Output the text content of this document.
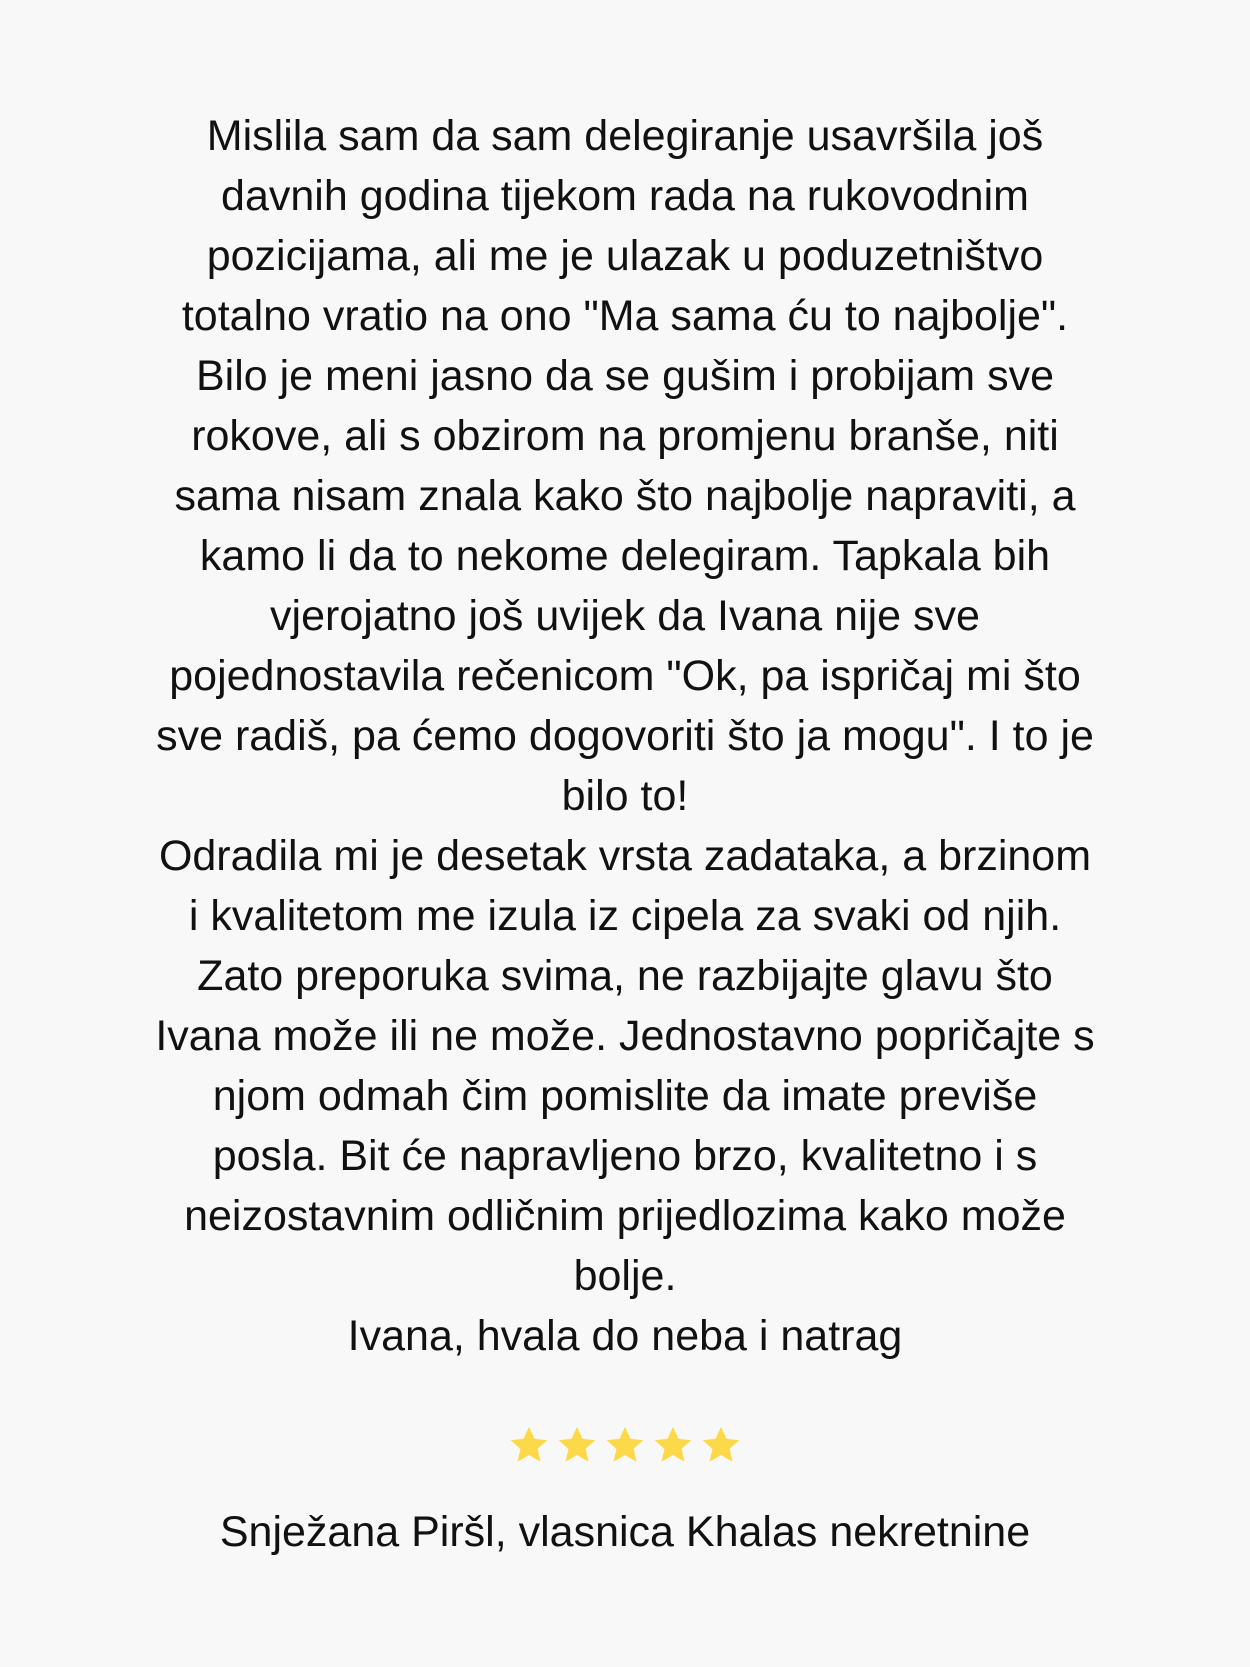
Mislila sam da sam delegiranje usavršila još
davnih godina tijekom rada na rukovodnim
pozicijama, ali me je ulazak u poduzetništvo
totalno vratio na ono "Ma sama ću to najbolje".
Bilo je meni jasno da se gušim i probijam sve
rokove, ali s obzirom na promjenu branše, niti
sama nisam znala kako što najbolje napraviti, a
kamo li da to nekome delegiram. Tapkala bih
vjerojatno još uvijek da Ivana nije sve
pojednostavila rečenicom "Ok, pa ispričaj mi što
sve radiš, pa ćemo dogovoriti što ja mogu". I to je
bilo to!
Odradila mi je desetak vrsta zadataka, a brzinom
i kvalitetom me izula iz cipela za svaki od njih.
Zato preporuka svima, ne razbijajte glavu što
Ivana može ili ne može. Jednostavno popričajte s
njom odmah čim pomislite da imate previše
posla. Bit će napravljeno brzo, kvalitetno i s
neizostavnim odličnim prijedlozima kako može
bolje.
Ivana, hvala do neba i natrag
Snježana Piršl, vlasnica Khalas nekretnine
